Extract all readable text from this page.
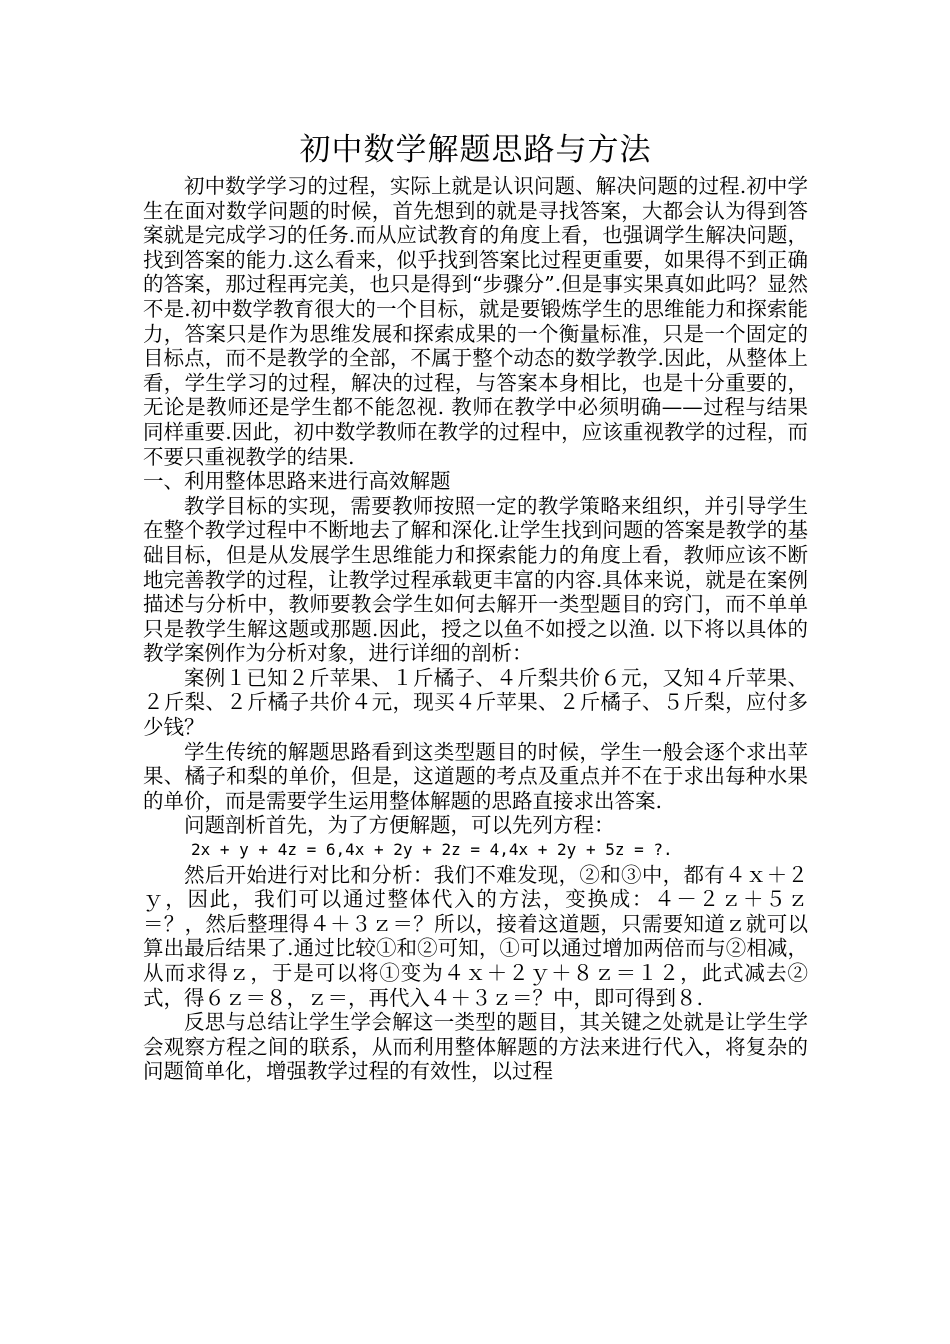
初中数学解题思路与方法

初中数学学习的过程，实际上就是认识问题、解决问题的过程.初中学生在面对数学问题的时候，首先想到的就是寻找答案，大都会认为得到答案就是完成学习的任务.而从应试教育的角度上看，也强调学生解决问题，找到答案的能力.这么看来，似乎找到答案比过程更重要，如果得不到正确的答案，那过程再完美，也只是得到“步骤分”.但是事实果真如此吗？显然不是.初中数学教育很大的一个目标，就是要锻炼学生的思维能力和探索能力，答案只是作为思维发展和探索成果的一个衡量标准，只是一个固定的目标点，而不是教学的全部，不属于整个动态的数学教学.因此，从整体上看，学生学习的过程，解决的过程，与答案本身相比，也是十分重要的，无论是教师还是学生都不能忽视. 教师在教学中必须明确——过程与结果同样重要.因此，初中数学教师在教学的过程中，应该重视教学的过程，而不要只重视教学的结果.

一、利用整体思路来进行高效解题

教学目标的实现，需要教师按照一定的教学策略来组织，并引导学生在整个教学过程中不断地去了解和深化.让学生找到问题的答案是教学的基础目标，但是从发展学生思维能力和探索能力的角度上看，教师应该不断地完善教学的过程，让教学过程承载更丰富的内容.具体来说，就是在案例描述与分析中，教师要教会学生如何去解开一类型题目的窍门，而不单单只是教学生解这题或那题.因此，授之以鱼不如授之以渔. 以下将以具体的教学案例作为分析对象，进行详细的剖析：

案例１已知２斤苹果、１斤橘子、４斤梨共价６元，又知４斤苹果、２斤梨、２斤橘子共价４元，现买４斤苹果、２斤橘子、５斤梨，应付多少钱？

学生传统的解题思路看到这类型题目的时候，学生一般会逐个求出苹果、橘子和梨的单价，但是，这道题的考点及重点并不在于求出每种水果的单价，而是需要学生运用整体解题的思路直接求出答案.

问题剖析首先，为了方便解题，可以先列方程：

2x + y + 4z = 6,4x + 2y + 2z = 4,4x + 2y + 5z = ?.

然后开始进行对比和分析：我们不难发现，②和③中，都有４ｘ＋２ｙ，因此，我们可以通过整体代入的方法，变换成：４－２ｚ＋５ｚ＝？，然后整理得４＋３ｚ＝？所以，接着这道题，只需要知道ｚ就可以算出最后结果了.通过比较①和②可知，①可以通过增加两倍而与②相减，从而求得ｚ，于是可以将①变为４ｘ＋２ｙ＋８ｚ＝１２，此式减去②式，得６ｚ＝８，ｚ＝，再代入４＋３ｚ＝？中，即可得到８.

反思与总结让学生学会解这一类型的题目，其关键之处就是让学生学会观察方程之间的联系，从而利用整体解题的方法来进行代入，将复杂的问题简单化，增强教学过程的有效性，以过程
